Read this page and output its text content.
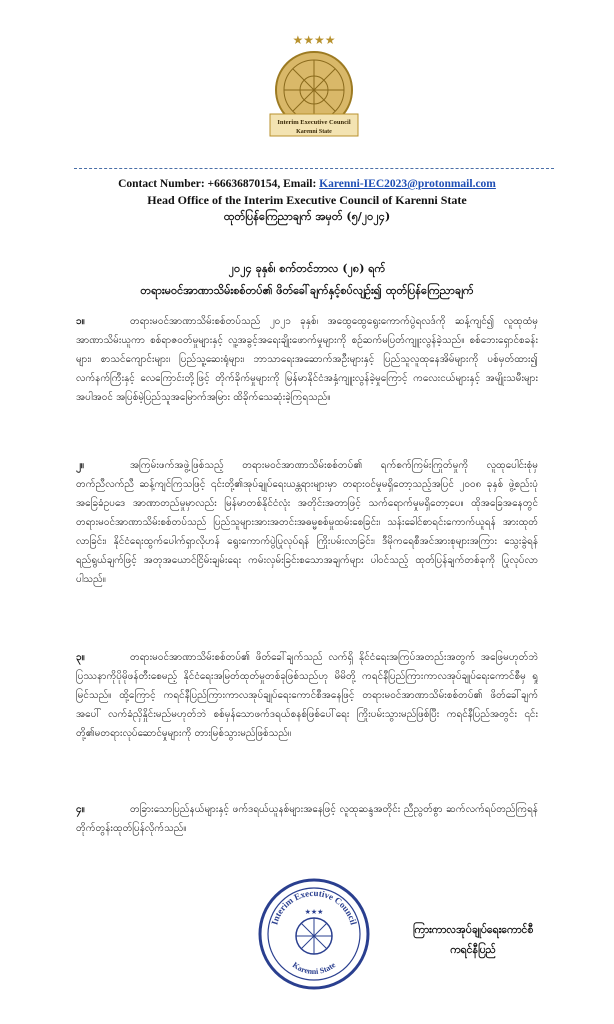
★★★★
Interim Executive Council
Karenni State
Contact Number: +66636870154, Email: Karenni-IEC2023@protonmail.com
Head Office of the Interim Executive Council of Karenni State
ထုတ်ပြန်ကြေညာချက် အမှတ် (၅/၂၀၂၄)
၂၀၂၄ ခုနှစ်၊ စက်တင်ဘာလ (၂၈) ရက်
တရားမဝင်အာဏာသိမ်းစစ်တပ်၏ ဖိတ်ခေါ်ချက်နှင့်စပ်လျဉ်း၍ ထုတ်ပြန်ကြေညာချက်

၁။	တရားမဝင်အာဏာသိမ်းစစ်တပ်သည် ၂၀၂၁ ခုနှစ်၊ အထွေထွေရွေးကောက်ပွဲရလဒ်ကို ဆန့်ကျင်၍ လူထုထံမှအာဏာသိမ်းယူကာ စစ်ရာဇဝတ်မှုများနှင့် လူ့အခွင့်အရေးချိုးဖောက်မှုများကို စဉ်ဆက်မပြတ်ကျူးလွန်ခဲ့သည်။ စစ်ဘေးရှောင်စခန်းများ၊ စာသင်ကျောင်းများ၊ ပြည်သူ့ဆေးရုံများ၊ ဘာသာရေးအဆောက်အဦးများနှင့် ပြည်သူလူထုနေအိမ်များကို ပစ်မှတ်ထား၍ လက်နက်ကြီးနှင့် လေကြောင်းတို့ဖြင့် တိုက်ခိုက်မှုများကို မြန်မာနိုင်ငံအနှံ့ကျူးလွန်ခဲ့မှုကြောင့် ကလေးငယ်များနှင့် အမျိုးသမီးများအပါအဝင် အပြစ်မဲ့ပြည်သူအမြောက်အမြား ထိခိုက်သေဆုံးခဲ့ကြရသည်။

၂။	အကြမ်းဖက်အဖွဲ့ဖြစ်သည့် တရားမဝင်အာဏာသိမ်းစစ်တပ်၏ ရက်စက်ကြမ်းကြုတ်မှုကို လူထုပေါင်းစုံမှတက်ညီလက်ညီ ဆန့်ကျင်ကြသဖြင့် ၎င်းတို့၏အုပ်ချုပ်ရေးယန္တရားများမှာ တရားဝင်မှုမရှိတော့သည့်အပြင် ၂၀၀၈ ခုနှစ် ဖွဲ့စည်းပုံအခြေခံဥပဒေ အာဏာတည်မှုမှာလည်း မြန်မာတစ်နိုင်ငံလုံး အတိုင်းအတာဖြင့် သက်ရောက်မှုမရှိတော့ပေ။ ထိုအခြေအနေတွင် တရားမဝင်အာဏာသိမ်းစစ်တပ်သည် ပြည်သူများအားအတင်းအဓမ္မစစ်မှုထမ်းစေခြင်း၊ သန်းခေါင်စာရင်းကောက်ယူရန် အားထုတ်လာခြင်း၊ နိုင်ငံရေးထွက်ပေါက်ရှာလိုဟန် ရွေးကောက်ပွဲပြုလုပ်ရန် ကြိုးပမ်းလာခြင်း၊ ဒီမိုကရေစီအင်အားစုများအကြား သွေးခွဲရန်ရည်ရွယ်ချက်ဖြင့် အတုအယောင်ငြိမ်းချမ်းရေး ကမ်းလှမ်းခြင်းစသောအချက်များ ပါဝင်သည့် ထုတ်ပြန်ချက်တစ်ခုကို ပြုလုပ်လာပါသည်။

၃။	တရားမဝင်အာဏာသိမ်းစစ်တပ်၏ ဖိတ်ခေါ်ချက်သည် လက်ရှိ နိုင်ငံရေးအကြပ်အတည်းအတွက် အဖြေမဟုတ်ဘဲ ပြဿနာကိုပိုမိုဖန်တီးစေမည့် နိုင်ငံရေးအမြတ်ထုတ်မှုတစ်ခုဖြစ်သည်ဟု မိမိတို့ ကရင်နီပြည်ကြားကာလအုပ်ချုပ်ရေးကောင်စီမှ ရှုမြင်သည်။ ထို့ကြောင့် ကရင်နီပြည်ကြားကာလအုပ်ချုပ်ရေးကောင်စီအနေဖြင့် တရားမဝင်အာဏာသိမ်းစစ်တပ်၏ ဖိတ်ခေါ်ချက်အပေါ် လက်ခံညှိနှိုင်းမည်မဟုတ်ဘဲ စစ်မှန်သောဖက်ဒရယ်စနစ်ဖြစ်ပေါ်ရေး ကြိုးပမ်းသွားမည်ဖြစ်ပြီး ကရင်နီပြည်အတွင်း ၎င်းတို့၏မတရားလုပ်ဆောင်မှုများကို တားမြစ်သွားမည်ဖြစ်သည်။

၄။	တခြားသောပြည်နယ်များနှင့် ဖက်ဒရယ်ယူနစ်များအနေဖြင့် လူထုဆန္ဒအတိုင်း ညီညွတ်စွာ ဆက်လက်ရပ်တည်ကြရန် တိုက်တွန်းထုတ်ပြန်လိုက်သည်။

Interim Executive Council
Karenni State
★★★
ကြားကာလအုပ်ချုပ်ရေးကောင်စီ
ကရင်နီပြည်
